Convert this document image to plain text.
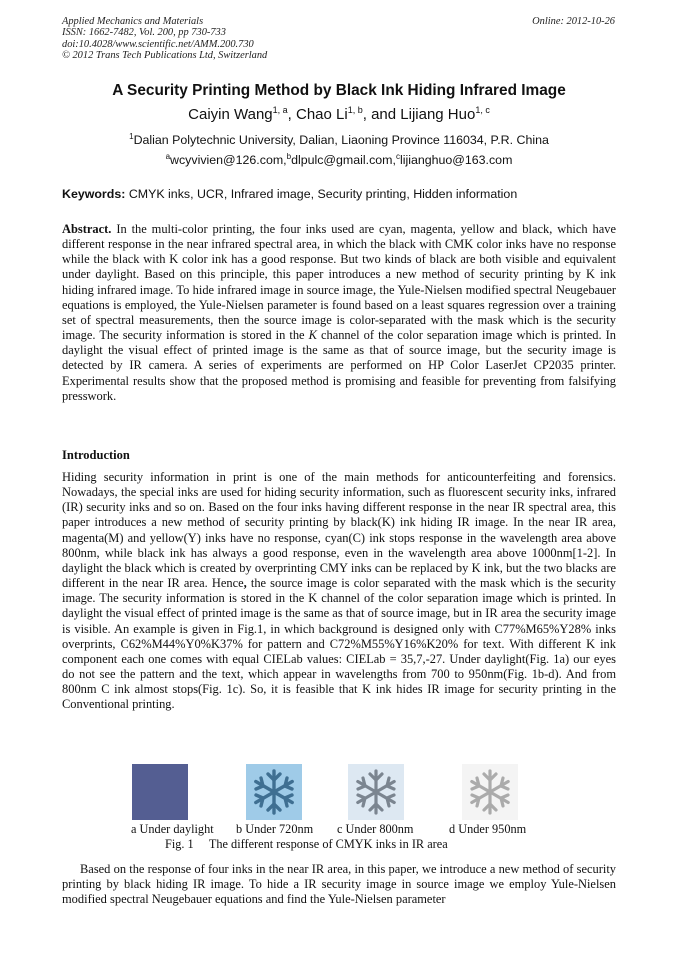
Applied Mechanics and Materials
ISSN: 1662-7482, Vol. 200, pp 730-733
doi:10.4028/www.scientific.net/AMM.200.730
© 2012 Trans Tech Publications Ltd, Switzerland
Online: 2012-10-26
A Security Printing Method by Black Ink Hiding Infrared Image
Caiyin Wang$^{1, a}$, Chao Li$^{1, b}$, and Lijiang Huo$^{1, c}$
$^1$Dalian Polytechnic University, Dalian, Liaoning Province 116034, P.R. China
$^a$wcyvivien@126.com,$^b$dlpulc@gmail.com,$^c$lijianghuo@163.com
Keywords: CMYK inks, UCR, Infrared image, Security printing, Hidden information

Abstract. In the multi-color printing, the four inks used are cyan, magenta, yellow and black, which have different response in the near infrared spectral area, in which the black with CMK color inks have no response while the black with K color ink has a good response. But two kinds of black are both visible and equivalent under daylight. Based on this principle, this paper introduces a new method of security printing by K ink hiding infrared image. To hide infrared image in source image, the Yule-Nielsen modified spectral Neugebauer equations is employed, the Yule-Nielsen parameter is found based on a least squares regression over a training set of spectral measurements, then the source image is color-separated with the mask which is the security image. The security information is stored in the K channel of the color separation image which is printed. In daylight the visual effect of printed image is the same as that of source image, but the security image is detected by IR camera. A series of experiments are performed on HP Color LaserJet CP2035 printer. Experimental results show that the proposed method is promising and feasible for preventing from falsifying presswork.

Introduction

Hiding security information in print is one of the main methods for anticounterfeiting and forensics. Nowadays, the special inks are used for hiding security information, such as fluorescent security inks, infrared (IR) security inks and so on. Based on the four inks having different response in the near IR spectral area, this paper introduces a new method of security printing by black(K) ink hiding IR image. In the near IR area, magenta(M) and yellow(Y) inks have no response, cyan(C) ink stops response in the wavelength area above 800nm, while black ink has always a good response, even in the wavelength area above 1000nm[1-2]. In daylight the black which is created by overprinting CMY inks can be replaced by K ink, but the two blacks are different in the near IR area. Hence, the source image is color separated with the mask which is the security image. The security information is stored in the K channel of the color separation image which is printed. In daylight the visual effect of printed image is the same as that of source image, but in IR area the security image is visible. An example is given in Fig.1, in which background is designed only with C77%M65%Y28% inks overprints, C62%M44%Y0%K37% for pattern and C72%M55%Y16%K20% for text. With different K ink component each one comes with equal CIELab values: CIELab = 35,7,-27. Under daylight(Fig. 1a) our eyes do not see the pattern and the text, which appear in wavelengths from 700 to 950nm(Fig. 1b-d). And from 800nm C ink almost stops(Fig. 1c). So, it is feasible that K ink hides IR image for security printing in the Conventional printing.

a Under daylight b Under 720nm c Under 800nm	d Under 950nm
Fig. 1     The different response of CMYK inks in IR area

Based on the response of four inks in the near IR area, in this paper, we introduce a new method of security printing by black hiding IR image. To hide a IR security image in source image we employ Yule-Nielsen modified spectral Neugebauer equations and find the Yule-Nielsen parameter
